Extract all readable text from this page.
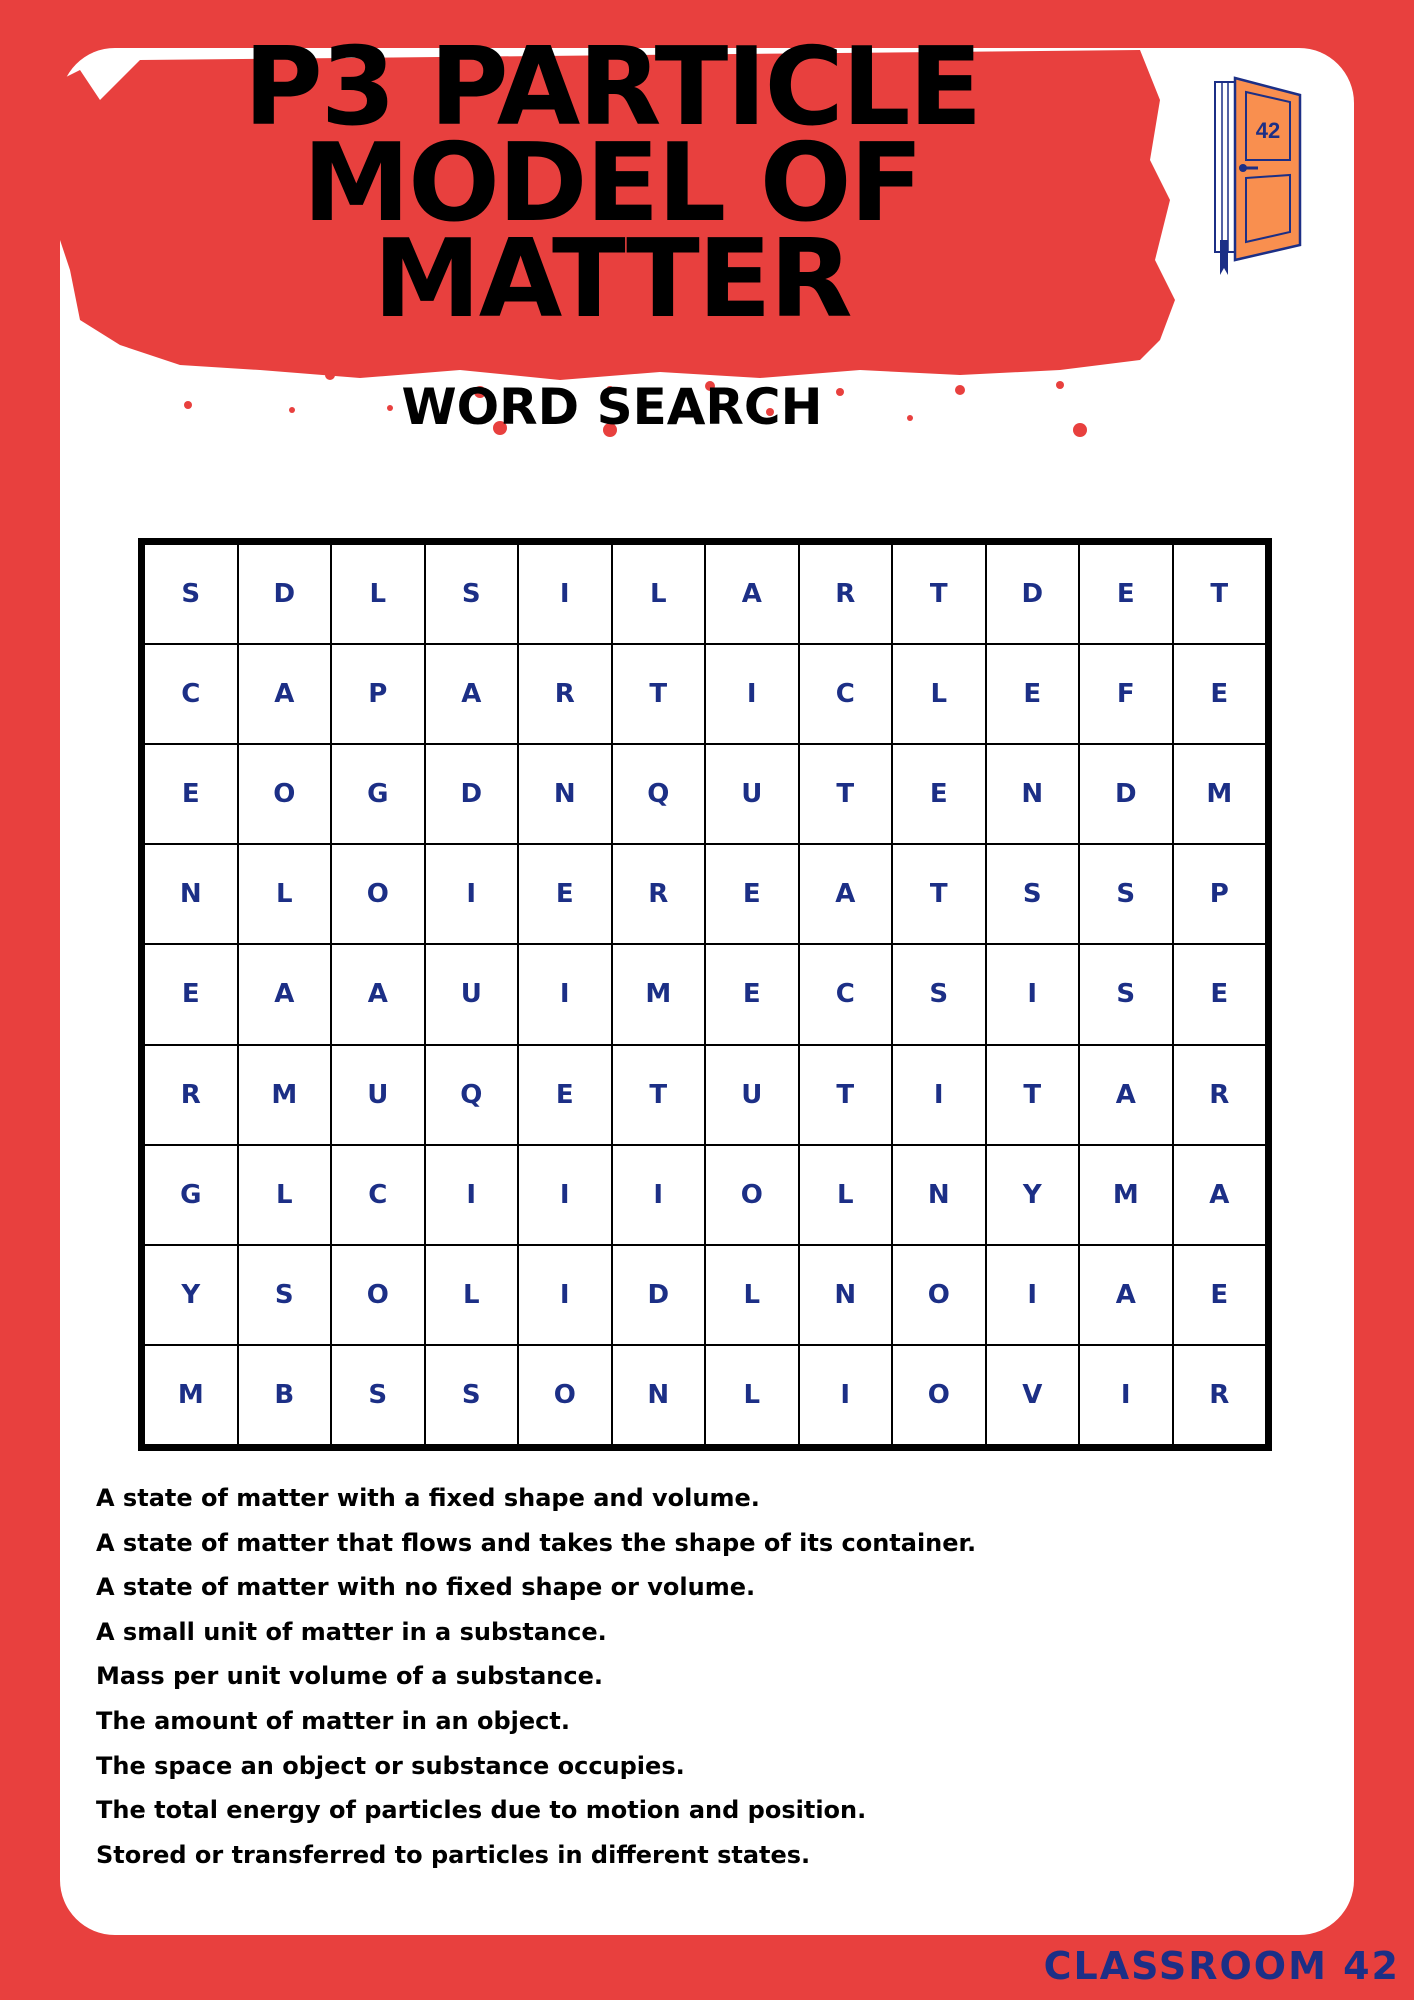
P3 PARTICLE
MODEL OF
MATTER
WORD SEARCH
42
S	D	L	S	I	L	A	R	T	D	E	T
C	A	P	A	R	T	I	C	L	E	F	E
E	O	G	D	N	Q	U	T	E	N	D	M
N	L	O	I	E	R	E	A	T	S	S	P
E	A	A	U	I	M	E	C	S	I	S	E
R	M	U	Q	E	T	U	T	I	T	A	R
G	L	C	I	I	I	O	L	N	Y	M	A
Y	S	O	L	I	D	L	N	O	I	A	E
M	B	S	S	O	N	L	I	O	V	I	R
A state of matter with a fixed shape and volume.
A state of matter that flows and takes the shape of its container.
A state of matter with no fixed shape or volume.
A small unit of matter in a substance.
Mass per unit volume of a substance.
The amount of matter in an object.
The space an object or substance occupies.
The total energy of particles due to motion and position.
Stored or transferred to particles in different states.
CLASSROOM 42
